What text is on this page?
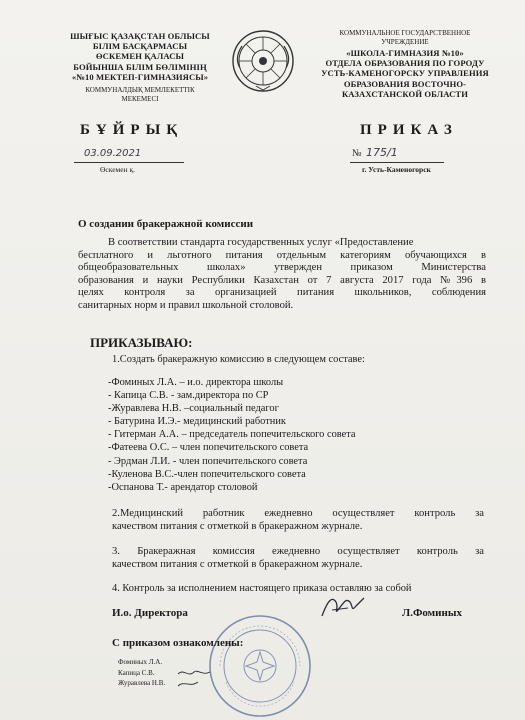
ШЫҒЫС ҚАЗАҚСТАН ОБЛЫСЫ
БІЛІМ БАСҚАРМАСЫ
ӨСКЕМЕН ҚАЛАСЫ
БОЙЫНША БІЛІМ БӨЛІМІНІҢ
«№10 МЕКТЕП-ГИМНАЗИЯСЫ»
КОММУНАЛДЫҚ МЕМЛЕКЕТТІК
МЕКЕМЕСІ
КОММУНАЛЬНОЕ ГОСУДАРСТВЕННОЕ
УЧРЕЖДЕНИЕ
«ШКОЛА-ГИМНАЗИЯ №10»
ОТДЕЛА ОБРАЗОВАНИЯ ПО ГОРОДУ
УСТЬ-КАМЕНОГОРСКУ УПРАВЛЕНИЯ
ОБРАЗОВАНИЯ ВОСТОЧНО-
КАЗАХСТАНСКОЙ ОБЛАСТИ
БҰЙРЫҚ	ПРИКАЗ
03.09.2021
Өскемен қ.
№ 175/1
г. Усть-Каменогорск
О создании бракеражной комиссии
В соответствии стандарта государственных услуг «Предоставление
бесплатного и льготного питания отдельным категориям обучающихся в
общеобразовательных школах» утвержден приказом Министерства
образования и науки Республики Казахстан от 7 августа 2017 года №396 в
целях контроля за организацией питания школьников, соблюдения
санитарных норм и правил школьной столовой.
ПРИКАЗЫВАЮ:
1.Создать бракеражную комиссию в следующем составе:
-Фоминых Л.А. – и.о. директора школы
- Капица С.В. - зам.директора по СР
-Журавлева Н.В. –социальный педагог
- Батурина И.Э.- медицинский работник
- Гитерман А.А. – председатель попечительского совета
-Фатеева О.С. – член попечительского совета
- Эрдман Л.И. - член попечительского совета
-Куленова В.С.-член попечительского совета
-Оспанова Т.- арендатор столовой
2.Медицинский работник ежедневно осуществляет контроль за
качеством питания с отметкой в бракеражном журнале.
3. Бракеражная комиссия ежедневно осуществляет контроль за
качеством питания с отметкой в бракеражном журнале.
4. Контроль за исполнением настоящего приказа оставляю за собой
И.о. Директора	Л.Фоминых
С приказом ознакомлены:
Фоминых Л.А.
Капица С.В.
Журавлева Н.В.
